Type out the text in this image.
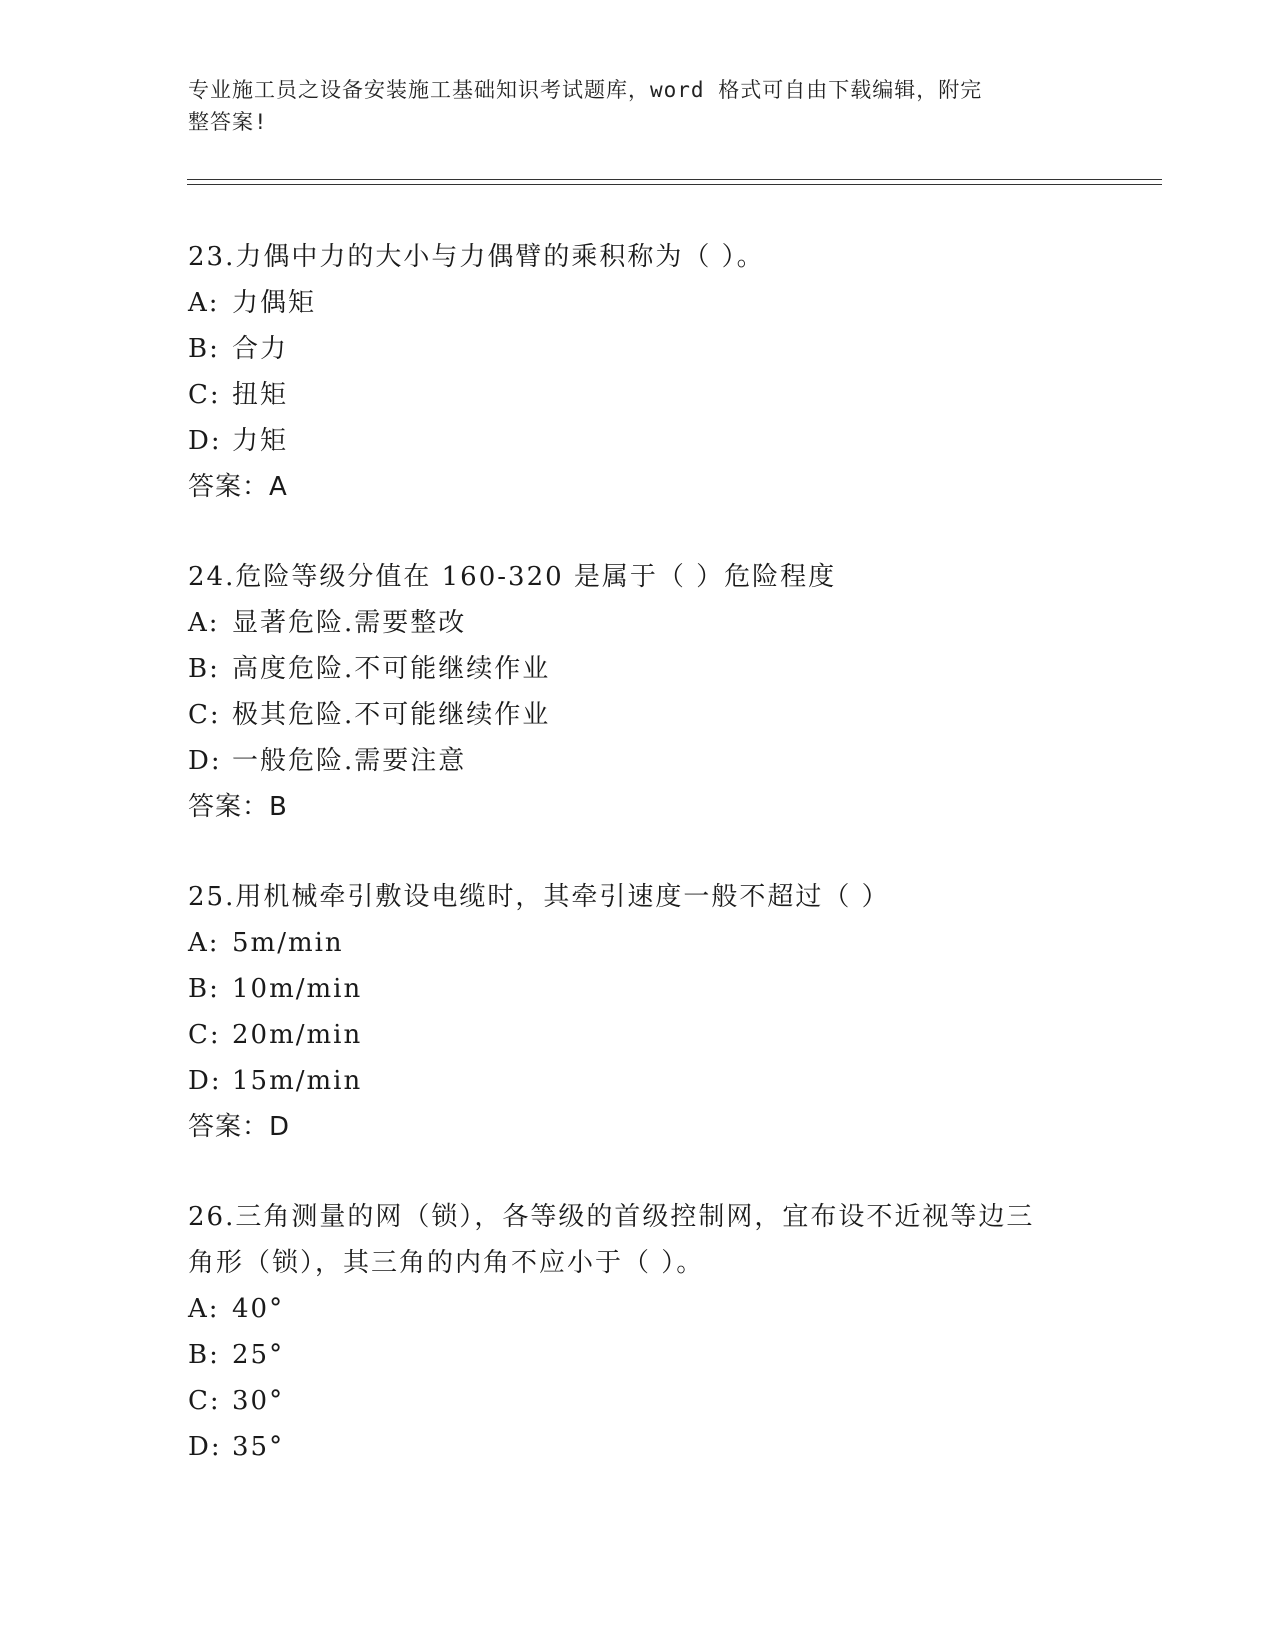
专业施工员之设备安装施工基础知识考试题库，word 格式可自由下载编辑，附完
整答案!
23.力偶中力的大小与力偶臂的乘积称为（ ）。
A: 力偶矩
B: 合力
C: 扭矩
D: 力矩
答案：A
24.危险等级分值在 160-320 是属于（ ）危险程度
A: 显著危险.需要整改
B: 高度危险.不可能继续作业
C: 极其危险.不可能继续作业
D: 一般危险.需要注意
答案：B
25.用机械牵引敷设电缆时，其牵引速度一般不超过（ ）
A: 5m/min
B: 10m/min
C: 20m/min
D: 15m/min
答案：D
26.三角测量的网（锁），各等级的首级控制网，宜布设不近视等边三
角形（锁），其三角的内角不应小于（ ）。
A: 40°
B: 25°
C: 30°
D: 35°
